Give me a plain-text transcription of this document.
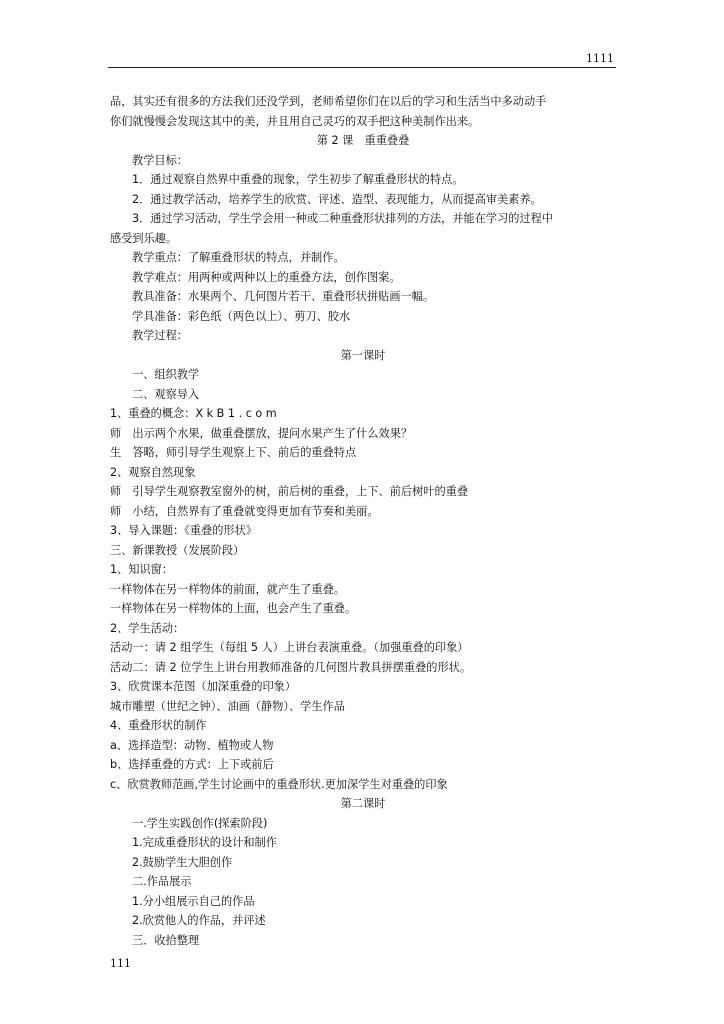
1111
品，其实还有很多的方法我们还没学到，老师希望你们在以后的学习和生活当中多动动手
你们就慢慢会发现这其中的美，并且用自己灵巧的双手把这种美制作出来。
第 2 课　重重叠叠
教学目标：
1．通过观察自然界中重叠的现象，学生初步了解重叠形状的特点。
2．通过教学活动，培养学生的欣赏、评述、造型、表现能力，从而提高审美素养。
3．通过学习活动，学生学会用一种或二种重叠形状排列的方法，并能在学习的过程中
感受到乐趣。
教学重点：了解重叠形状的特点，并制作。
教学难点：用两种或两种以上的重叠方法，创作图案。
教具准备：水果两个、几何图片若干、重叠形状拼贴画一幅。
学具准备：彩色纸（两色以上）、剪刀、胶水
教学过程：
第一课时
一、组织教学
二、观察导入
1、重叠的概念：X k B 1 . c o m
师　出示两个水果，做重叠摆放，提问水果产生了什么效果？
生　答略，师引导学生观察上下、前后的重叠特点
2、观察自然现象
师　引导学生观察教室窗外的树，前后树的重叠，上下、前后树叶的重叠
师　小结，自然界有了重叠就变得更加有节奏和美丽。
3、导入课题：《重叠的形状》
三、新课教授（发展阶段）
1、知识窗：
一样物体在另一样物体的前面，就产生了重叠。
一样物体在另一样物体的上面，也会产生了重叠。
2、学生活动：
活动一：请 2 组学生（每组 5 人）上讲台表演重叠。（加强重叠的印象）
活动二：请 2 位学生上讲台用教师准备的几何图片教具拼摆重叠的形状。
3、欣赏课本范图（加深重叠的印象）
城市雕塑（世纪之钟）、油画（静物）、学生作品
4、重叠形状的制作
a、选择造型：动物、植物或人物
b、选择重叠的方式：上下或前后
c、欣赏教师范画,学生讨论画中的重叠形状.更加深学生对重叠的印象
第二课时
一.学生实践创作(探索阶段)
1.完成重叠形状的设计和制作
2.鼓励学生大胆创作
二.作品展示
1.分小组展示自己的作品
2.欣赏他人的作品，并评述
三．收拾整理
111
